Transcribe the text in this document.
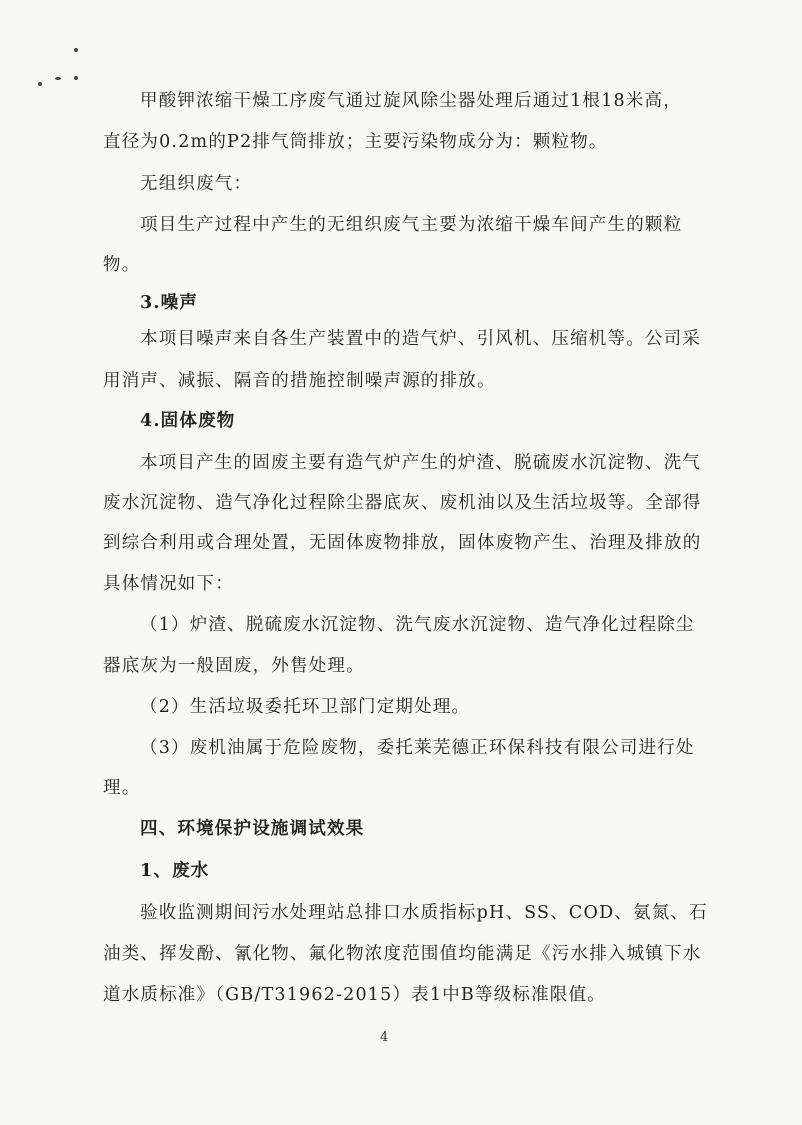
甲酸钾浓缩干燥工序废气通过旋风除尘器处理后通过1根18米高，
直径为0.2m的P2排气筒排放；主要污染物成分为：颗粒物。
无组织废气：
项目生产过程中产生的无组织废气主要为浓缩干燥车间产生的颗粒
物。
3.噪声
本项目噪声来自各生产装置中的造气炉、引风机、压缩机等。公司采
用消声、减振、隔音的措施控制噪声源的排放。
4.固体废物
本项目产生的固废主要有造气炉产生的炉渣、脱硫废水沉淀物、洗气
废水沉淀物、造气净化过程除尘器底灰、废机油以及生活垃圾等。全部得
到综合利用或合理处置，无固体废物排放，固体废物产生、治理及排放的
具体情况如下：
（1）炉渣、脱硫废水沉淀物、洗气废水沉淀物、造气净化过程除尘
器底灰为一般固废，外售处理。
（2）生活垃圾委托环卫部门定期处理。
（3）废机油属于危险废物，委托莱芜德正环保科技有限公司进行处
理。
四、环境保护设施调试效果
1、废水
验收监测期间污水处理站总排口水质指标pH、SS、COD、氨氮、石
油类、挥发酚、氰化物、氟化物浓度范围值均能满足《污水排入城镇下水
道水质标准》（GB/T31962-2015）表1中B等级标准限值。
4
